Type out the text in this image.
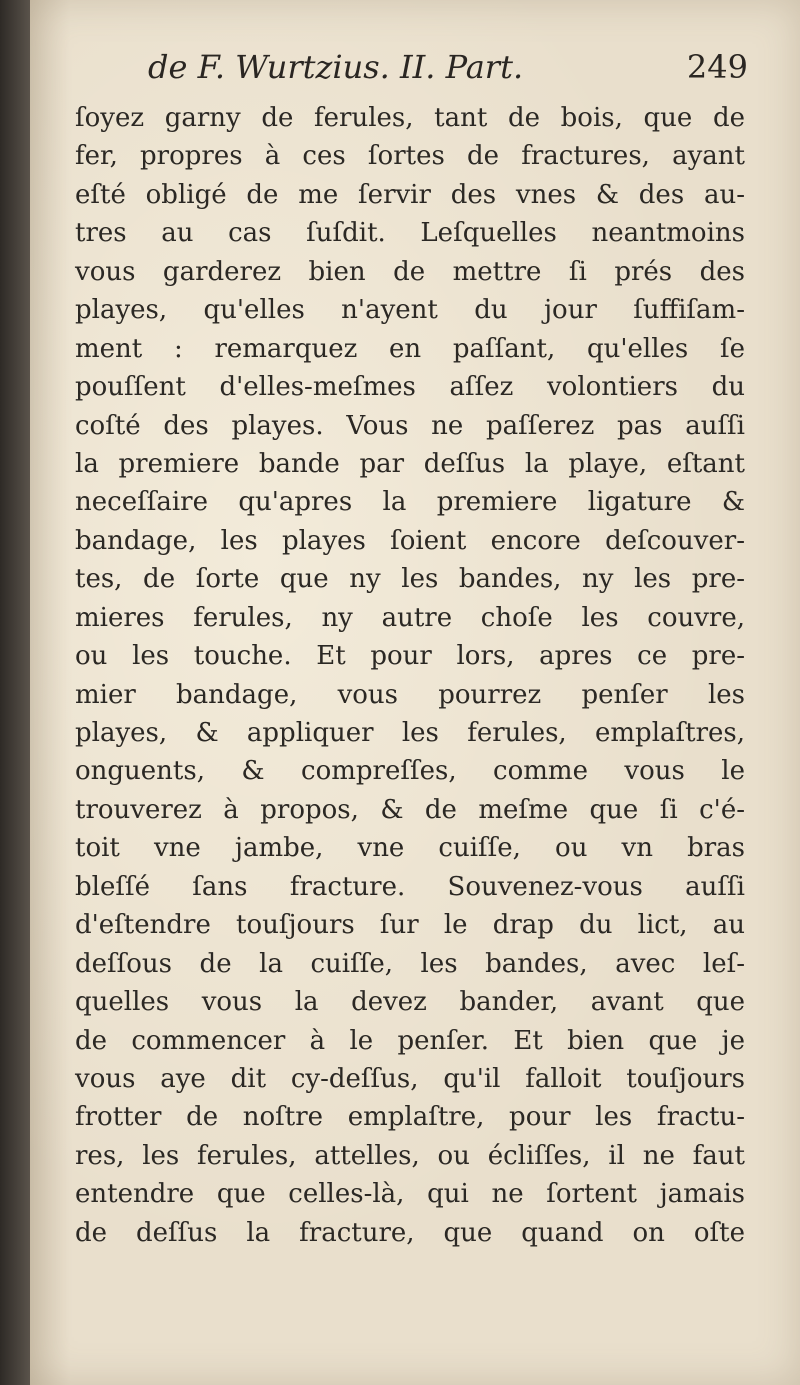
de F. Wurtzius. II. Part.	249
ſoyez garny de ferules, tant de bois, que de
fer, propres à ces ſortes de fractures, ayant
eſté obligé de me ſervir des vnes & des au-
tres au cas ſuſdit. Leſquelles neantmoins
vous garderez bien de mettre ſi prés des
playes, qu'elles n'ayent du jour ſuffiſam-
ment : remarquez en paſſant, qu'elles ſe
pouſſent d'elles-meſmes aſſez volontiers du
coſté des playes. Vous ne paſſerez pas auſſi
la premiere bande par deſſus la playe, eſtant
neceſſaire qu'apres la premiere ligature &
bandage, les playes ſoient encore deſcouver-
tes, de ſorte que ny les bandes, ny les pre-
mieres ferules, ny autre choſe les couvre,
ou les touche. Et pour lors, apres ce pre-
mier bandage, vous pourrez penſer les
playes, & appliquer les ferules, emplaſtres,
onguents, & compreſſes, comme vous le
trouverez à propos, & de meſme que ſi c'é-
toit vne jambe, vne cuiſſe, ou vn bras
bleſſé ſans fracture. Souvenez-vous auſſi
d'eſtendre touſjours ſur le drap du lict, au
deſſous de la cuiſſe, les bandes, avec leſ-
quelles vous la devez bander, avant que
de commencer à le penſer. Et bien que je
vous aye dit cy-deſſus, qu'il falloit touſjours
frotter de noſtre emplaſtre, pour les fractu-
res, les ferules, attelles, ou écliſſes, il ne faut
entendre que celles-là, qui ne ſortent jamais
de deſſus la fracture, que quand on oſte
